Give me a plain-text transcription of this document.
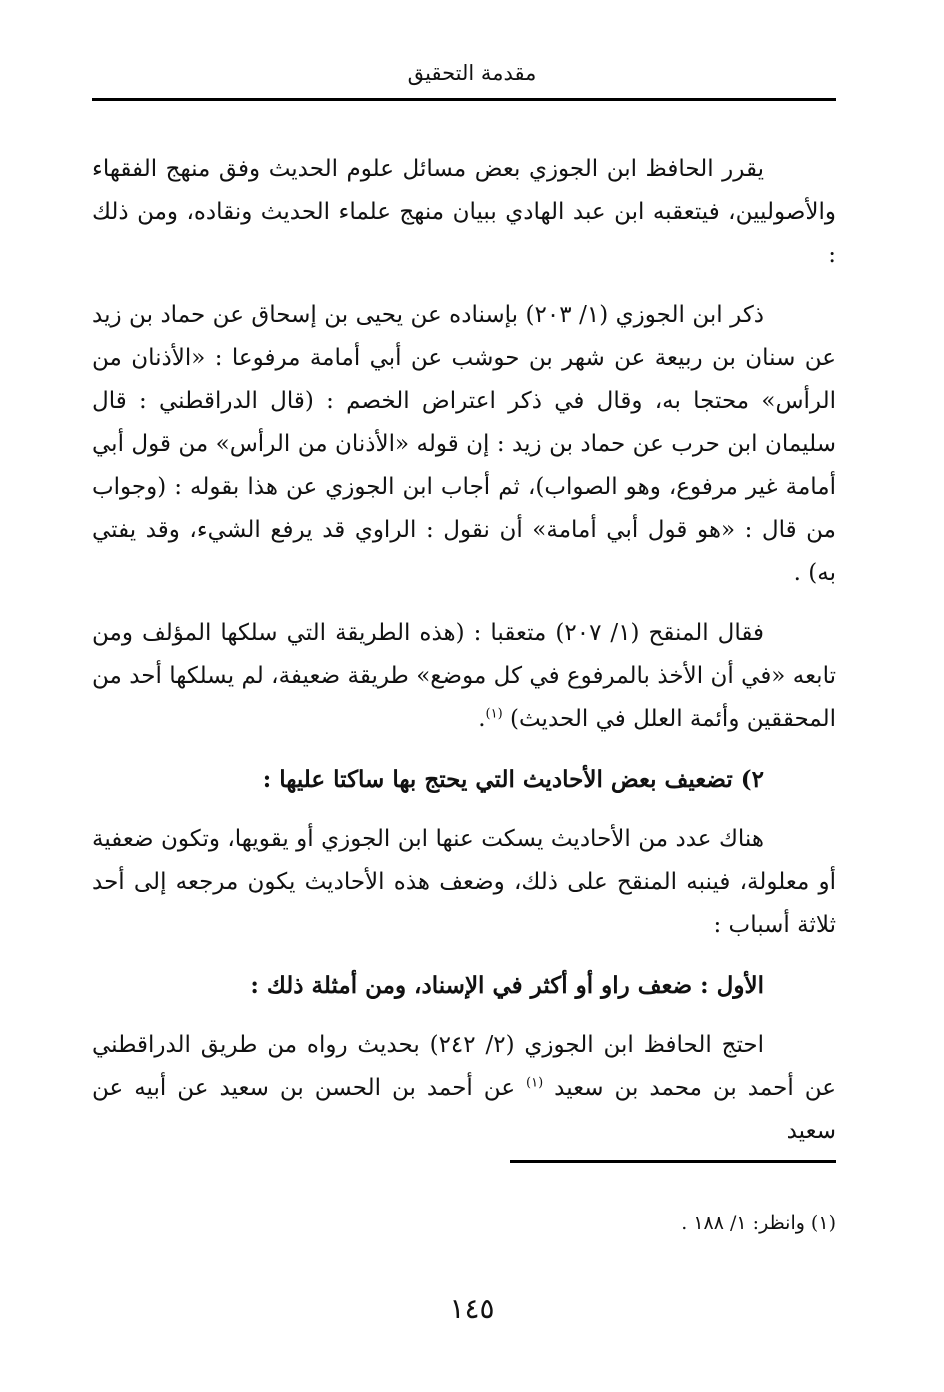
مقدمة التحقيق

يقرر الحافظ ابن الجوزي بعض مسائل علوم الحديث وفق منهج الفقهاء والأصوليين، فيتعقبه ابن عبد الهادي ببيان منهج علماء الحديث ونقاده، ومن ذلك :

ذكر ابن الجوزي (١/ ٢٠٣) بإسناده عن يحيى بن إسحاق عن حماد بن زيد عن سنان بن ربيعة عن شهر بن حوشب عن أبي أمامة مرفوعا : «الأذنان من الرأس» محتجا به، وقال في ذكر اعتراض الخصم : (قال الدراقطني : قال سليمان ابن حرب عن حماد بن زيد : إن قوله «الأذنان من الرأس» من قول أبي أمامة غير مرفوع، وهو الصواب)، ثم أجاب ابن الجوزي عن هذا بقوله : (وجواب من قال : «هو قول أبي أمامة» أن نقول : الراوي قد يرفع الشيء، وقد يفتي به) .

فقال المنقح (١/ ٢٠٧) متعقبا : (هذه الطريقة التي سلكها المؤلف ومن تابعه «في أن الأخذ بالمرفوع في كل موضع» طريقة ضعيفة، لم يسلكها أحد من المحققين وأئمة العلل في الحديث) $^{(١)}$.

٢) تضعيف بعض الأحاديث التي يحتج بها ساكتا عليها :

هناك عدد من الأحاديث يسكت عنها ابن الجوزي أو يقويها، وتكون ضعفية أو معلولة، فينبه المنقح على ذلك، وضعف هذه الأحاديث يكون مرجعه إلى أحد ثلاثة أسباب :

الأول : ضعف راو أو أكثر في الإسناد، ومن أمثلة ذلك :

احتج الحافظ ابن الجوزي (٢/ ٢٤٢) بحديث رواه من طريق الدراقطني عن أحمد بن محمد بن سعيد $^{(١)}$ عن أحمد بن الحسن بن سعيد عن أبيه عن سعيد

(١) وانظر: ١/ ١٨٨ .
١٤٥
